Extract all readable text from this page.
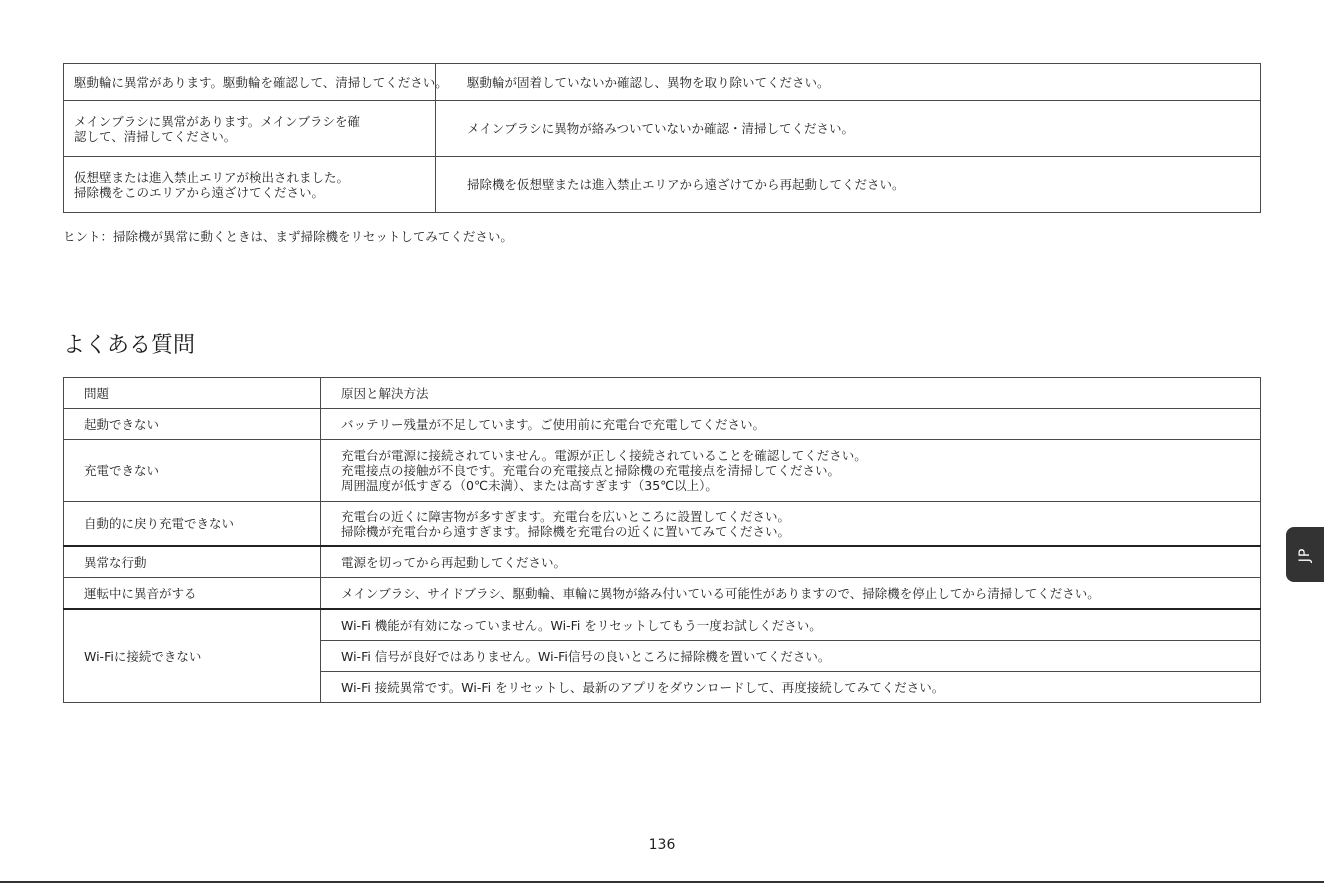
駆動輪に異常があります。駆動輪を確認して、清掃してください。	駆動輪が固着していないか確認し、異物を取り除いてください。

メインブラシに異常があります。メインブラシを確
認して、清掃してください。	メインブラシに異物が絡みついていないか確認・清掃してください。

仮想壁または進入禁止エリアが検出されました。
掃除機をこのエリアから遠ざけてください。	掃除機を仮想壁または進入禁止エリアから遠ざけてから再起動してください。
ヒント：掃除機が異常に動くときは、まず掃除機をリセットしてみてください。
よくある質問
問題	原因と解決方法
起動できない	バッテリー残量が不足しています。ご使用前に充電台で充電してください。
充電できない	充電台が電源に接続されていません。電源が正しく接続されていることを確認してください。
充電接点の接触が不良です。充電台の充電接点と掃除機の充電接点を清掃してください。
周囲温度が低すぎる（0℃未満）、または高すぎます（35℃以上）。

自動的に戻り充電できない	充電台の近くに障害物が多すぎます。充電台を広いところに設置してください。
掃除機が充電台から遠すぎます。掃除機を充電台の近くに置いてみてください。

異常な行動	電源を切ってから再起動してください。
運転中に異音がする	メインブラシ、サイドブラシ、駆動輪、車輪に異物が絡み付いている可能性がありますので、掃除機を停止してから清掃してください。
Wi-Fiに接続できない	Wi-Fi 機能が有効になっていません。Wi-Fi をリセットしてもう一度お試しください。
	Wi-Fi 信号が良好ではありません。Wi-Fi信号の良いところに掃除機を置いてください。
	Wi-Fi 接続異常です。Wi-Fi をリセットし、最新のアプリをダウンロードして、再度接続してみてください。
136
JP
